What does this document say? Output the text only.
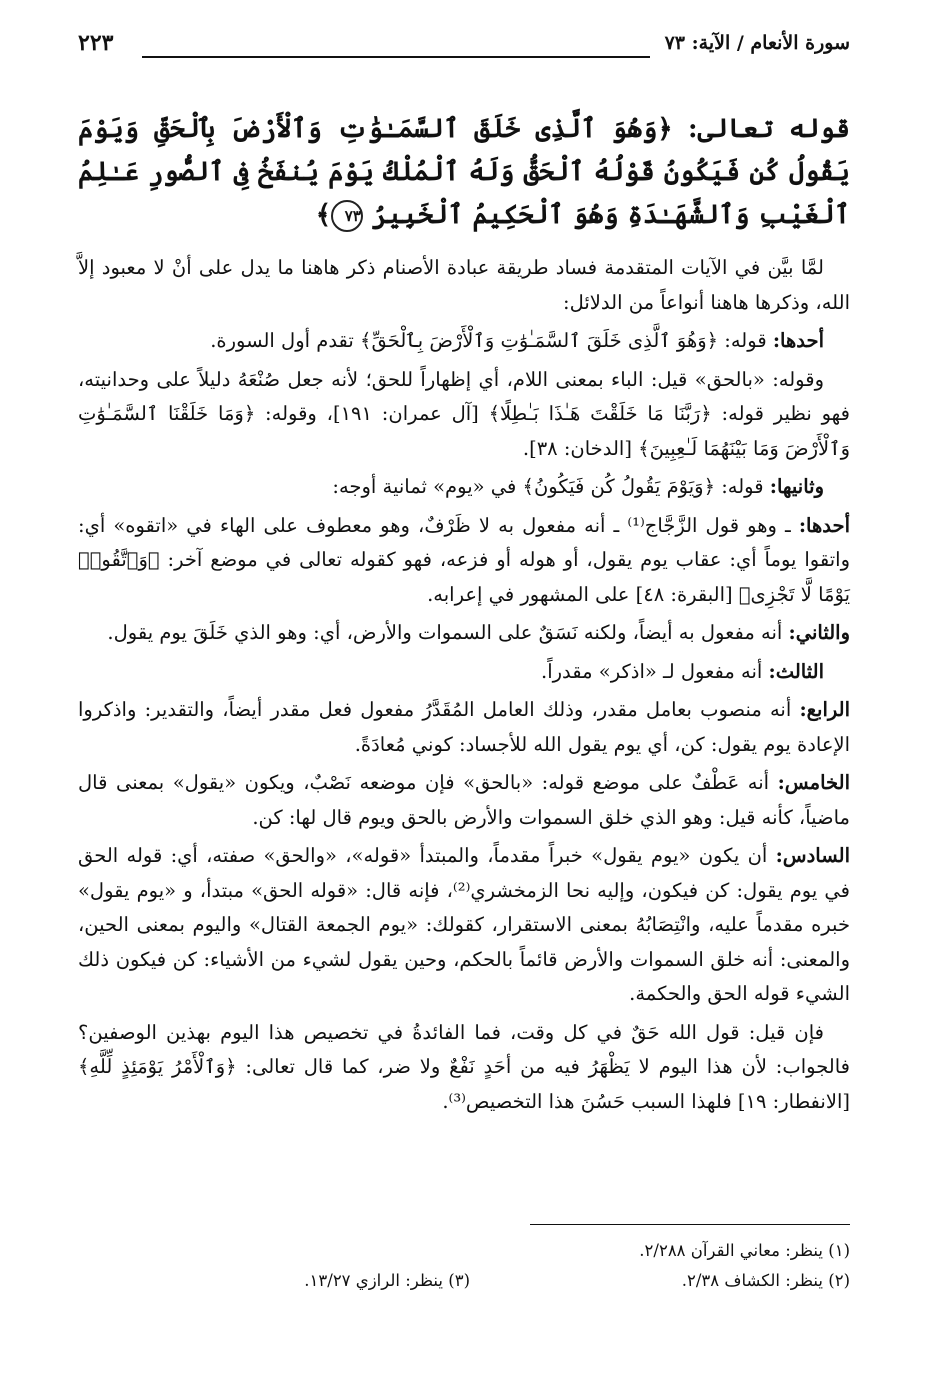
سورة الأنعام / الآية: ٧٣
٢٢٣

قوله تعالى: ﴿وَهُوَ ٱلَّذِى خَلَقَ ٱلسَّمَـٰوَٰتِ وَٱلْأَرْضَ بِٱلْحَقِّ وَيَوْمَ يَقُولُ كُن فَيَكُونُ قَوْلُهُ ٱلْحَقُّ وَلَهُ ٱلْمُلْكُ يَوْمَ يُنفَخُ فِى ٱلصُّورِ عَـٰلِمُ ٱلْغَيْبِ وَٱلشَّهَـٰدَةِ وَهُوَ ٱلْحَكِيمُ ٱلْخَبِيرُ ٧٣﴾

لمَّا بيَّن في الآيات المتقدمة فساد طريقة عبادة الأصنام ذكر هاهنا ما يدل على أنْ لا معبود إلاَّ الله، وذكرها هاهنا أنواعاً من الدلائل:

أحدها: قوله: ﴿وَهُوَ ٱلَّذِى خَلَقَ ٱلسَّمَـٰوَٰتِ وَٱلْأَرْضَ بِٱلْحَقِّ﴾ تقدم أول السورة.

وقوله: «بالحق» قيل: الباء بمعنى اللام، أي إظهاراً للحق؛ لأنه جعل صُنْعَهُ دليلاً على وحدانيته، فهو نظير قوله: ﴿رَبَّنَا مَا خَلَقْتَ هَـٰذَا بَـٰطِلًا﴾ [آل عمران: ١٩١]، وقوله: ﴿وَمَا خَلَقْنَا ٱلسَّمَـٰوَٰتِ وَٱلْأَرْضَ وَمَا بَيْنَهُمَا لَـٰعِبِينَ﴾ [الدخان: ٣٨].

وثانيها: قوله: ﴿وَيَوْمَ يَقُولُ كُن فَيَكُونُ﴾ في «يوم» ثمانية أوجه:

أحدها: ـ وهو قول الزَّجَّاج⁽¹⁾ ـ أنه مفعول به لا ظَرْفٌ، وهو معطوف على الهاء في «اتقوه» أي: واتقوا يوماً أي: عقاب يوم يقول، أو هوله أو فزعه، فهو كقوله تعالى في موضع آخر: ﴿وَٱتَّقُوا۟ يَوْمًا لَّا تَجْزِى﴾ [البقرة: ٤٨] على المشهور في إعرابه.

والثاني: أنه مفعول به أيضاً، ولكنه نَسَقٌ على السموات والأرض، أي: وهو الذي خَلَقَ يوم يقول.

الثالث: أنه مفعول لـ «اذكر» مقدراً.

الرابع: أنه منصوب بعامل مقدر، وذلك العامل المُقَدَّرُ مفعول فعل مقدر أيضاً، والتقدير: واذكروا الإعادة يوم يقول: كن، أي يوم يقول الله للأجساد: كوني مُعادَةً.

الخامس: أنه عَطْفٌ على موضع قوله: «بالحق» فإن موضعه نَصْبٌ، ويكون «يقول» بمعنى قال ماضياً، كأنه قيل: وهو الذي خلق السموات والأرض بالحق ويوم قال لها: كن.

السادس: أن يكون «يوم يقول» خبراً مقدماً، والمبتدأ «قوله»، «والحق» صفته، أي: قوله الحق في يوم يقول: كن فيكون، وإليه نحا الزمخشري⁽²⁾، فإنه قال: «قوله الحق» مبتدأ، و «يوم يقول» خبره مقدماً عليه، وانْتِصَابُهُ بمعنى الاستقرار، كقولك: «يوم الجمعة القتال» واليوم بمعنى الحين، والمعنى: أنه خلق السموات والأرض قائماً بالحكم، وحين يقول لشيء من الأشياء: كن فيكون ذلك الشيء قوله الحق والحكمة.

فإن قيل: قول الله حَقٌ في كل وقت، فما الفائدةُ في تخصيص هذا اليوم بهذين الوصفين؟ فالجواب: لأن هذا اليوم لا يَظْهَرُ فيه من أحَدٍ نَفْعٌ ولا ضر، كما قال تعالى: ﴿وَٱلْأَمْرُ يَوْمَئِذٍ لِّلَّهِ﴾ [الانفطار: ١٩] فلهذا السبب حَسُنَ هذا التخصيص⁽³⁾.

(١) ينظر: معاني القرآن ٢/٢٨٨.
(٢) ينظر: الكشاف ٢/٣٨.
(٣) ينظر: الرازي ١٣/٢٧.
